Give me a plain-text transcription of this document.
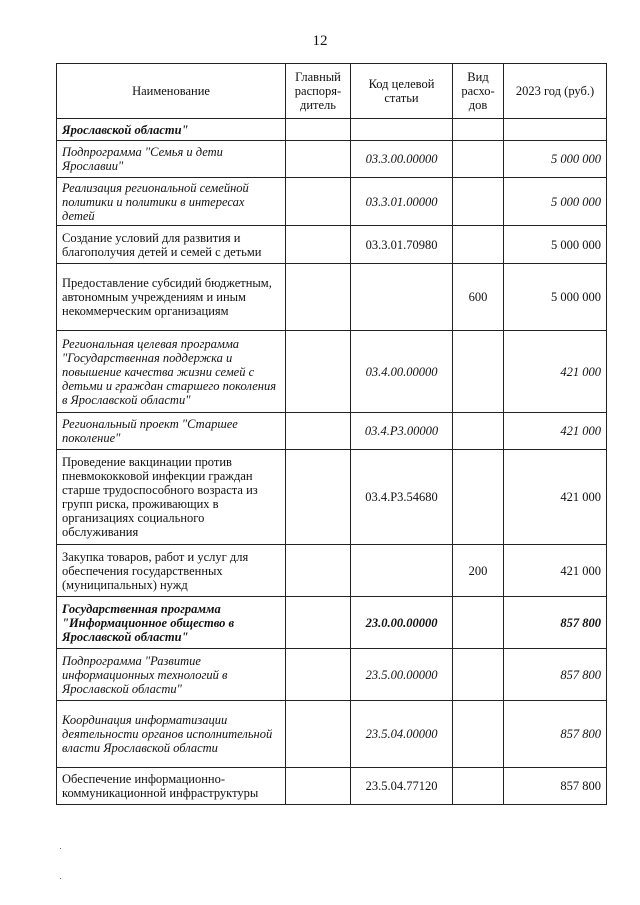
12
Наименование	Главный распоря-дитель	Код целевой статьи	Вид расхо-дов	2023 год (руб.)
Ярославской области"				
Подпрограмма "Семья и дети Ярославии"		03.3.00.00000		5 000 000
Реализация региональной семейной политики и политики в интересах детей		03.3.01.00000		5 000 000
Создание условий для развития и благополучия детей и семей с детьми		03.3.01.70980		5 000 000
Предоставление субсидий бюджетным, автономным учреждениям и иным некоммерческим организациям			600	5 000 000
Региональная целевая программа "Государственная поддержка и повышение качества жизни семей с детьми и граждан старшего поколения в Ярославской области"		03.4.00.00000		421 000
Региональный проект "Старшее поколение"		03.4.P3.00000		421 000
Проведение вакцинации против пневмококковой инфекции граждан старше трудоспособного возраста из групп риска, проживающих в организациях социального обслуживания		03.4.P3.54680		421 000
Закупка товаров, работ и услуг для обеспечения государственных (муниципальных) нужд			200	421 000
Государственная программа "Информационное общество в Ярославской области"		23.0.00.00000		857 800
Подпрограмма "Развитие информационных технологий в Ярославской области"		23.5.00.00000		857 800
Координация информатизации деятельности органов исполнительной власти Ярославской области		23.5.04.00000		857 800
Обеспечение информационно-коммуникационной инфраструктуры		23.5.04.77120		857 800
